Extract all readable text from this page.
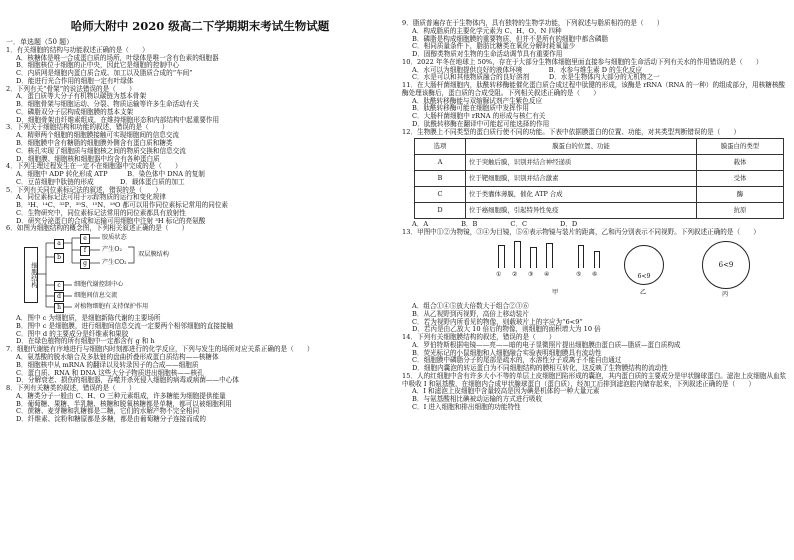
哈师大附中 2020 级高二下学期期末考试生物试题
一．单选题（50 题）
1．有关细胞的结构与功能叙述正确的是（　　）
A．核糖体是唯一合成蛋白质的场所，叶绿体是唯一含有色素的细胞器
B．细胞核位于细胞的正中央，因此它是细胞的控制中心
C．内质网是细胞内蛋白质合成、加工以及脂质合成的“车间”
D．能进行光合作用的细胞一定有叶绿体
2．下列有关“骨架”的说法错误的是（　　）
A．蛋白质等大分子有机物以碳链为基本骨架
B．细胞骨架与细胞运动、分裂、物质运输等许多生命活动有关
C．磷脂双分子层构成细胞膜的基本支架
D．细胞骨架由纤维素组成，在维持细胞形态和内部结构中起重要作用
3．下列关于细胞结构和功能的叙述，错误的是（　　）
A．精卵两个细胞的细胞膜接触可实现细胞间的信息交流
B．细胞膜中含有糖脂的细胞膜外侧含有蛋白质和糖类
C．核孔实现了细胞质与细胞核之间的物质交换和信息交流
D．细胞膜、细胞核和细胞器中均含有各种蛋白质
4．下列生理过程发生在一定不在细胞器中完成的是（　　）
A．细胞中 ADP 转化形成 ATP　　　B．染色体中 DNA 的复制
C．豆苗细胞中肽链的形成　　　　D．载体蛋白质的加工
5．下列有关同位素标记法的叙述，错误的是（　　）
A．同位素标记法可用于示踪物质的运行和变化规律
B．³H、¹⁴C、³²P、³⁵S、¹⁵N、¹⁸O 都可以用作同位素标记常用的同位素
C．生物研究中，同位素标记法常用的同位素都具有放射性
D．研究分泌蛋白的合成和运输可用细胞中注射 ³H 标记的亮氨酸
6．如图为细胞结构的概念图，下列相关叙述正确的是（　　）
细胞结构
a
b
e
f
g
c
d
h
胶质状态
产生O₂
产生CO₂
双层膜结构
细胞代谢控制中心
细胞间信息交流
对植物细胞有支持保护作用
A．图中 c 为细胞质，是细胞新陈代谢的主要场所
B．图中 c 是细胞膜，进行细胞间信息交流一定要两个相邻细胞的直接接触
C．图中 d 的主要成分是纤维素和果胶
D．在绿色植物的所有细胞中一定都含有 g 和 h
7．细胞代谢能有序地进行与细胞内时刻都进行的化学反应，下列与发生的场所对应关系正确的是（　　）
A．氨基酸的脱水缩合及多肽链的盘曲折叠形成蛋白质结构——核糖体
B．细胞核中从 mRNA 的翻译以及转录因子的合成——细胞质
C．蛋白质、RNA 和 DNA 这些大分子物质进出细胞核——核孔
D．分解衰老、损伤的细胞器，吞噬并杀死侵入细胞的病毒或病菌——中心体
8．下列有关糖类的叙述，错误的是（　　）
A．糖类分子一般由 C、H、O 三种元素组成，许多糖能为细胞提供能量
B．葡萄糖、果糖、半乳糖、核糖和脱氧核糖都是单糖，都可以被细胞利用
C．蔗糖、麦芽糖和乳糖都是二糖，它们的水解产物不完全相同
D．纤维素、淀粉和糖原都是多糖，都是由葡萄糖分子连接而成的
9．脂质普遍存在于生物体内，具有独特的生物学功能，下列叙述与脂质相符的是（　　）
A．构成脂质的主要化学元素为 C、H、O、N 四种
B．磷脂是构成细胞膜的重要物质，但并不是所有的细胞中都含磷脂
C．相同质量条件下，脂肪比糖类在氧化分解时耗氧量少
D．固醇类物质对生物的生命活动调节具有重要作用
10．2022 年冬在地球上 50%，存在于大部分生物体细胞里面直接参与细胞的生命活动下列有关水的作用错误的是（　　）
A．水可以为细胞提供良好的液体环境　　　　B．水参与维生素 D 的生化反应
C．水是可以和其他物质融合的良好溶剂　　　D．水是生物体内大部分的无机物之一
11．在大肠杆菌细胞内，肽酰转移酶能催化蛋白质合成过程中肽键的形成，该酶是 rRNA（RNA 的一种）的组成部分，用核糖核酸酶处理该酶后，蛋白质的合成受阻。下列相关叙述正确的是（　　）
A．肽酰转移酶能与双缩脲试剂产生紫色反应
B．肽酰转移酶可能在细胞质中发挥作用
C．大肠杆菌细胞中 rRNA 的形成与核仁有关
D．肽酰转移酶在翻译中可能起可能选择的作用
12．生物膜上不同类型的蛋白质行使不同的功能。下表中依据膜蛋白的位置、功能，对其类型判断错误的是（　　）
选项	膜蛋白的位置、功能	膜蛋白的类型
A	位于突触后膜，识别并结合神经递质	载体
B	位于靶细胞膜，识别并结合激素	受体
C	位于类囊体薄膜，催化 ATP 合成	酶
D	位于癌细胞膜，引起特异性免疫	抗原
A．A　　　　　B．B　　　　　C．C　　　　　D．D
13．甲图中①②为物镜，③④为目镜，⑤⑥表示物镜与装片的距离，乙和丙分别表示不同视野。下列叙述正确的是（　　）
① ② ③ ④	⑤ ⑥
甲
6<9
乙
6<9
丙
A．组合①④⑤放大倍数大于组合②③⑥
B．从乙视野到丙视野，高倍上移动装片
C．若为视野内所看见的物像，则载玻片上的字应为“6<9”
D．若丙是由乙放大 10 倍后的物像，则细胞的面积增大为 10 倍
14．下列有关细胞膜结构的叙述，错误的是（　　）
A．罗伯特斯根据电镜——亮——暗的电子显微照片提出细胞膜由蛋白质—脂质—蛋白质构成
B．荧光标记的小鼠细胞和人细胞融合实验表明细胞膜具有流动性
C．细胞膜中磷脂分子的尾部是疏水的，水溶性分子或离子不能自由通过
D．细胞内囊泡的转运蛋白为不同细胞结构的膜相互转化，这反映了生物膜结构的流动性
15．人的红细胞中含有许多大小不等的单层上皮细胞凹陷形成的囊泡，其内蛋白质的主要成分是甲状腺球蛋白。滤泡上皮细胞从血浆中吸收 I 和氨基酸，在细胞内合成甲状腺球蛋白（蛋白质），经加工后排到滤泡腔内储存起来，下列叙述正确的是（　　）
A．I 和滤泡上皮细胞中含量较高是因为碘是机体的一种大量元素
B．与氨基酸相比碘被动运输的方式进行吸收
C．I 进入细胞和排出细胞的功能特性
